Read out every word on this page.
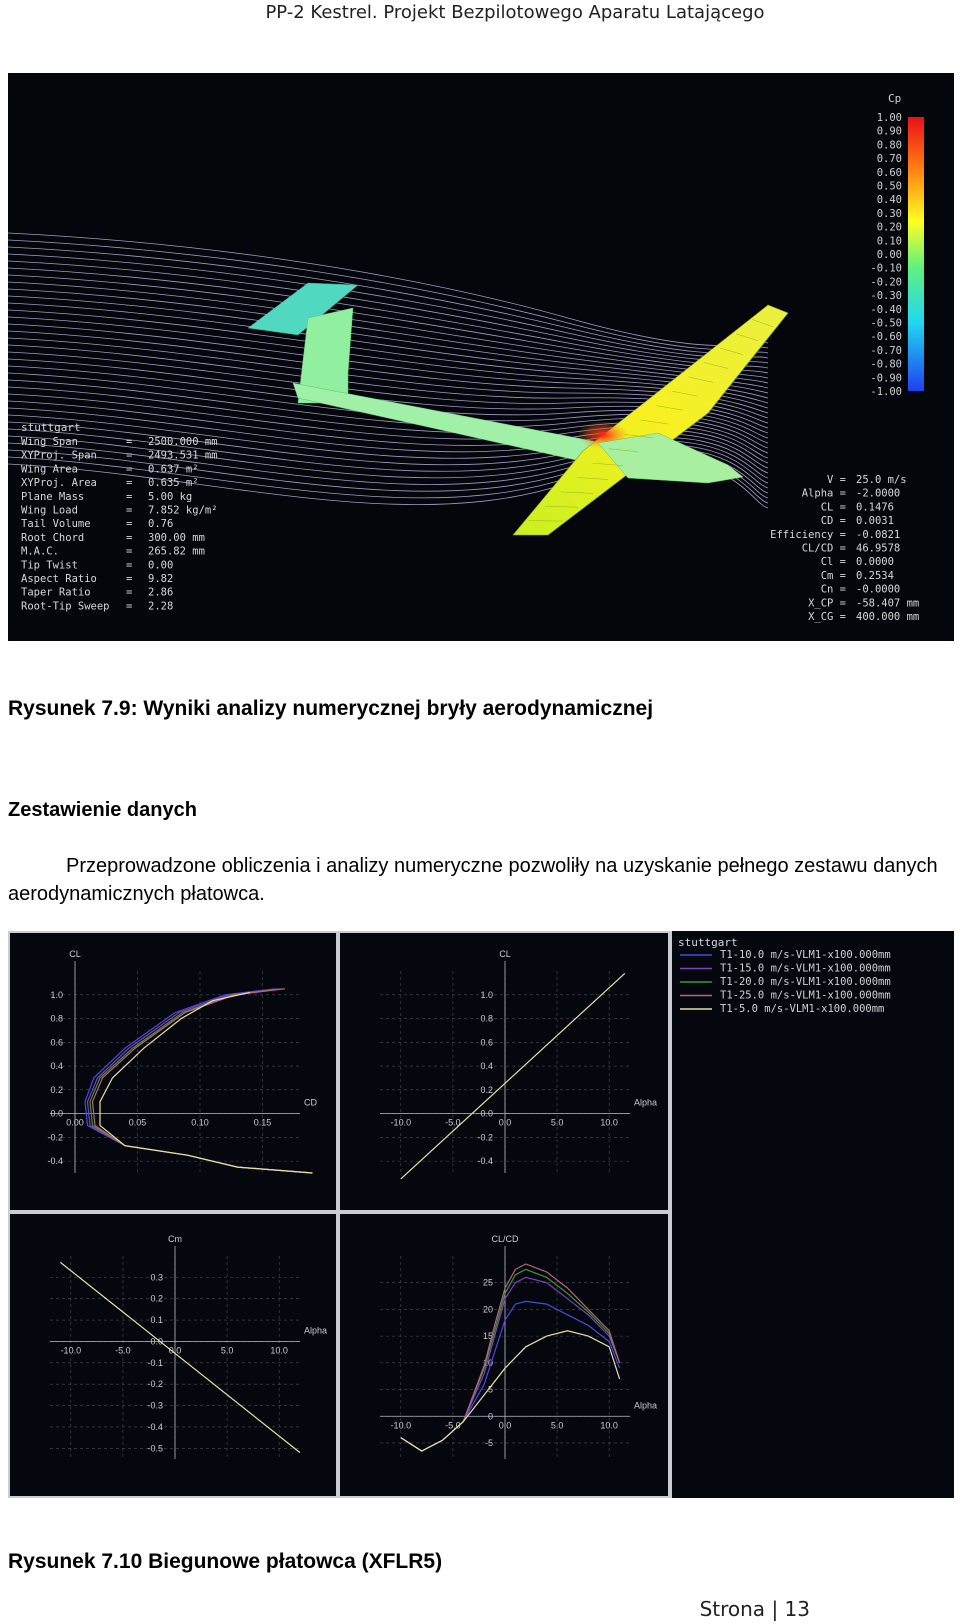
PP-2 Kestrel. Projekt Bezpilotowego Aparatu Latającego
Cp
1.00
0.90
0.80
0.70
0.60
0.50
0.40
0.30
0.20
0.10
0.00
-0.10
-0.20
-0.30
-0.40
-0.50
-0.60
-0.70
-0.80
-0.90
-1.00
stuttgart
Wing Span	= 2500.000 mm
XYProj. Span	= 2493.531 mm
Wing Area	= 0.637 m²
XYProj. Area	= 0.635 m²
Plane Mass	= 5.00 kg
Wing Load	= 7.852 kg/m²
Tail Volume	= 0.76
Root Chord	= 300.00 mm
M.A.C.	= 265.82 mm
Tip Twist	= 0.00
Aspect Ratio	= 9.82
Taper Ratio	= 2.86
Root-Tip Sweep = 2.28
V = 25.0 m/s
Alpha = -2.0000
CL = 0.1476
CD = 0.0031
Efficiency = -0.0821
CL/CD = 46.9578
Cl = 0.0000
Cm = 0.2534
Cn = -0.0000
X_CP = -58.407 mm
X_CG = 400.000 mm
Rysunek 7.9: Wyniki analizy numerycznej bryły aerodynamicznej
Zestawienie danych
Przeprowadzone obliczenia i analizy numeryczne pozwoliły na uzyskanie pełnego zestawu danych aerodynamicznych płatowca.
1.0
0.8
0.6
0.4
0.2
0.0
-0.2
-0.4
0.00	0.05	0.10	0.15
CL
CD
1.0
0.8
0.6
0.4
0.2
0.0
-0.2
-0.4
-10.0	-5.0	0.0	5.0	10.0
CL
Alpha
0.3
0.2
0.1
0.0
-0.1
-0.2
-0.3
-0.4
-0.5
-10.0	-5.0	0.0	5.0	10.0
Cm
Alpha
25
20
15
10
5
0
-5
-10.0	-5.0	0.0	5.0	10.0
CL/CD
Alpha
stuttgart
T1-10.0 m/s-VLM1-x100.000mm
T1-15.0 m/s-VLM1-x100.000mm
T1-20.0 m/s-VLM1-x100.000mm
T1-25.0 m/s-VLM1-x100.000mm
T1-5.0 m/s-VLM1-x100.000mm
Rysunek 7.10 Biegunowe płatowca (XFLR5)
Strona | 13
